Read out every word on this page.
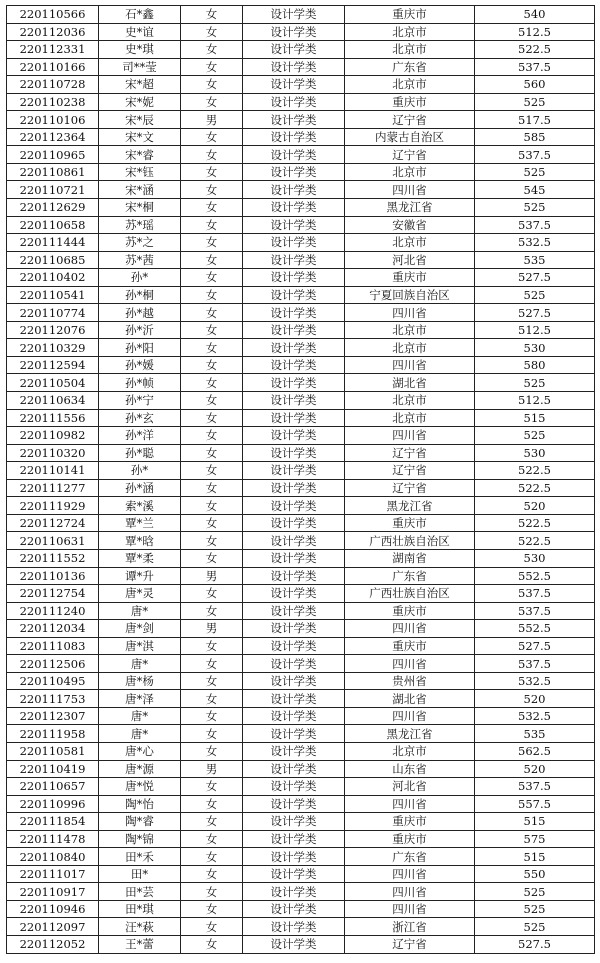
220110566	石*鑫	女	设计学类	重庆市	540
220112036	史*谊	女	设计学类	北京市	512.5
220112331	史*琪	女	设计学类	北京市	522.5
220110166	司**莹	女	设计学类	广东省	537.5
220110728	宋*超	女	设计学类	北京市	560
220110238	宋*妮	女	设计学类	重庆市	525
220110106	宋*辰	男	设计学类	辽宁省	517.5
220112364	宋*文	女	设计学类	内蒙古自治区	585
220110965	宋*睿	女	设计学类	辽宁省	537.5
220110861	宋*钰	女	设计学类	北京市	525
220110721	宋*涵	女	设计学类	四川省	545
220112629	宋*桐	女	设计学类	黑龙江省	525
220110658	苏*瑶	女	设计学类	安徽省	537.5
220111444	苏*之	女	设计学类	北京市	532.5
220110685	苏*茜	女	设计学类	河北省	535
220110402	孙*	女	设计学类	重庆市	527.5
220110541	孙*桐	女	设计学类	宁夏回族自治区	525
220110774	孙*越	女	设计学类	四川省	527.5
220112076	孙*沂	女	设计学类	北京市	512.5
220110329	孙*阳	女	设计学类	北京市	530
220112594	孙*媛	女	设计学类	四川省	580
220110504	孙*帧	女	设计学类	湖北省	525
220110634	孙*宁	女	设计学类	北京市	512.5
220111556	孙*玄	女	设计学类	北京市	515
220110982	孙*洋	女	设计学类	四川省	525
220110320	孙*聪	女	设计学类	辽宁省	530
220110141	孙*	女	设计学类	辽宁省	522.5
220111277	孙*涵	女	设计学类	辽宁省	522.5
220111929	索*溪	女	设计学类	黑龙江省	520
220112724	覃*兰	女	设计学类	重庆市	522.5
220110631	覃*晗	女	设计学类	广西壮族自治区	522.5
220111552	覃*柔	女	设计学类	湖南省	530
220110136	谭*升	男	设计学类	广东省	552.5
220112754	唐*灵	女	设计学类	广西壮族自治区	537.5
220111240	唐*	女	设计学类	重庆市	537.5
220112034	唐*剑	男	设计学类	四川省	552.5
220111083	唐*淇	女	设计学类	重庆市	527.5
220112506	唐*	女	设计学类	四川省	537.5
220110495	唐*杨	女	设计学类	贵州省	532.5
220111753	唐*泽	女	设计学类	湖北省	520
220112307	唐*	女	设计学类	四川省	532.5
220111958	唐*	女	设计学类	黑龙江省	535
220110581	唐*心	女	设计学类	北京市	562.5
220110419	唐*源	男	设计学类	山东省	520
220110657	唐*悦	女	设计学类	河北省	537.5
220110996	陶*怡	女	设计学类	四川省	557.5
220111854	陶*睿	女	设计学类	重庆市	515
220111478	陶*锦	女	设计学类	重庆市	575
220110840	田*禾	女	设计学类	广东省	515
220111017	田*	女	设计学类	四川省	550
220110917	田*芸	女	设计学类	四川省	525
220110946	田*琪	女	设计学类	四川省	525
220112097	汪*萩	女	设计学类	浙江省	525
220112052	王*蕾	女	设计学类	辽宁省	527.5
